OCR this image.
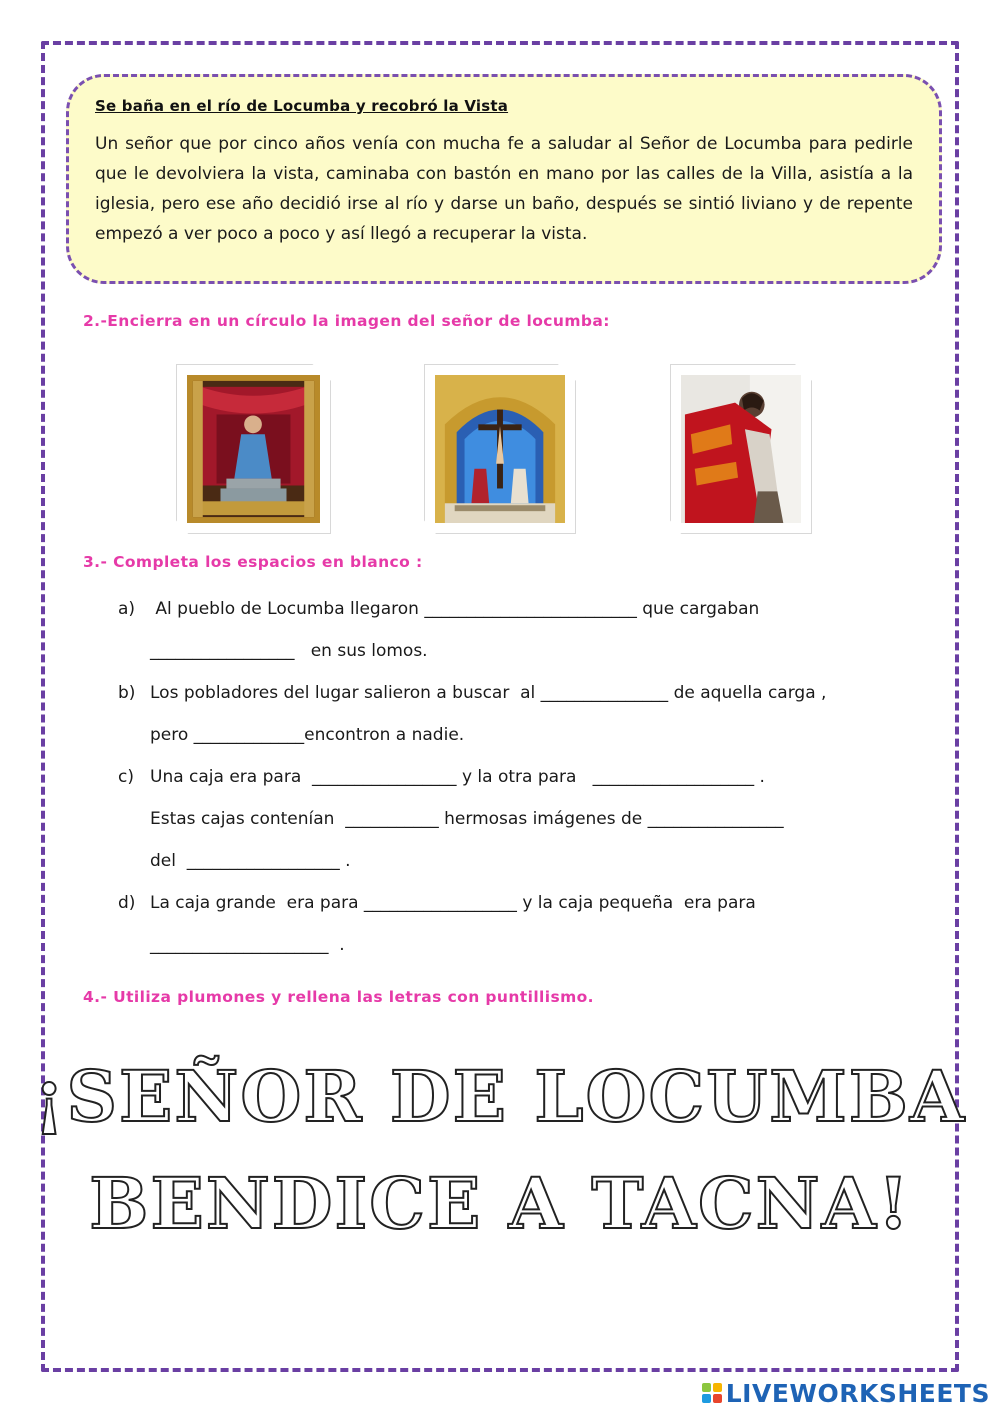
Se baña en el río de Locumba y recobró la Vista
Un señor que por cinco años venía con mucha fe a saludar al Señor de Locumba para pedirle que le devolviera la vista, caminaba con bastón en mano por las calles de la Villa, asistía a la iglesia, pero ese año decidió irse al río y darse un baño, después se sintió liviano y de repente empezó a ver poco a poco y así llegó a recuperar la vista.
2.-Encierra en un círculo la imagen del señor de locumba:
3.- Completa los espacios en blanco :
a) Al pueblo de Locumba llegaron _________________________ que cargaban
_________________   en sus lomos.
b) Los pobladores del lugar salieron a buscar  al _______________ de aquella carga ,
pero _____________encontron a nadie.
c) Una caja era para  _________________ y la otra para   ___________________ .
Estas cajas contenían  ___________ hermosas imágenes de ________________
del  __________________ .
d) La caja grande  era para __________________ y la caja pequeña  era para
_____________________  .
4.- Utiliza plumones y rellena las letras con puntillismo.
¡SEÑOR DE LOCUMBA
BENDICE A TACNA!
LIVEWORKSHEETS
